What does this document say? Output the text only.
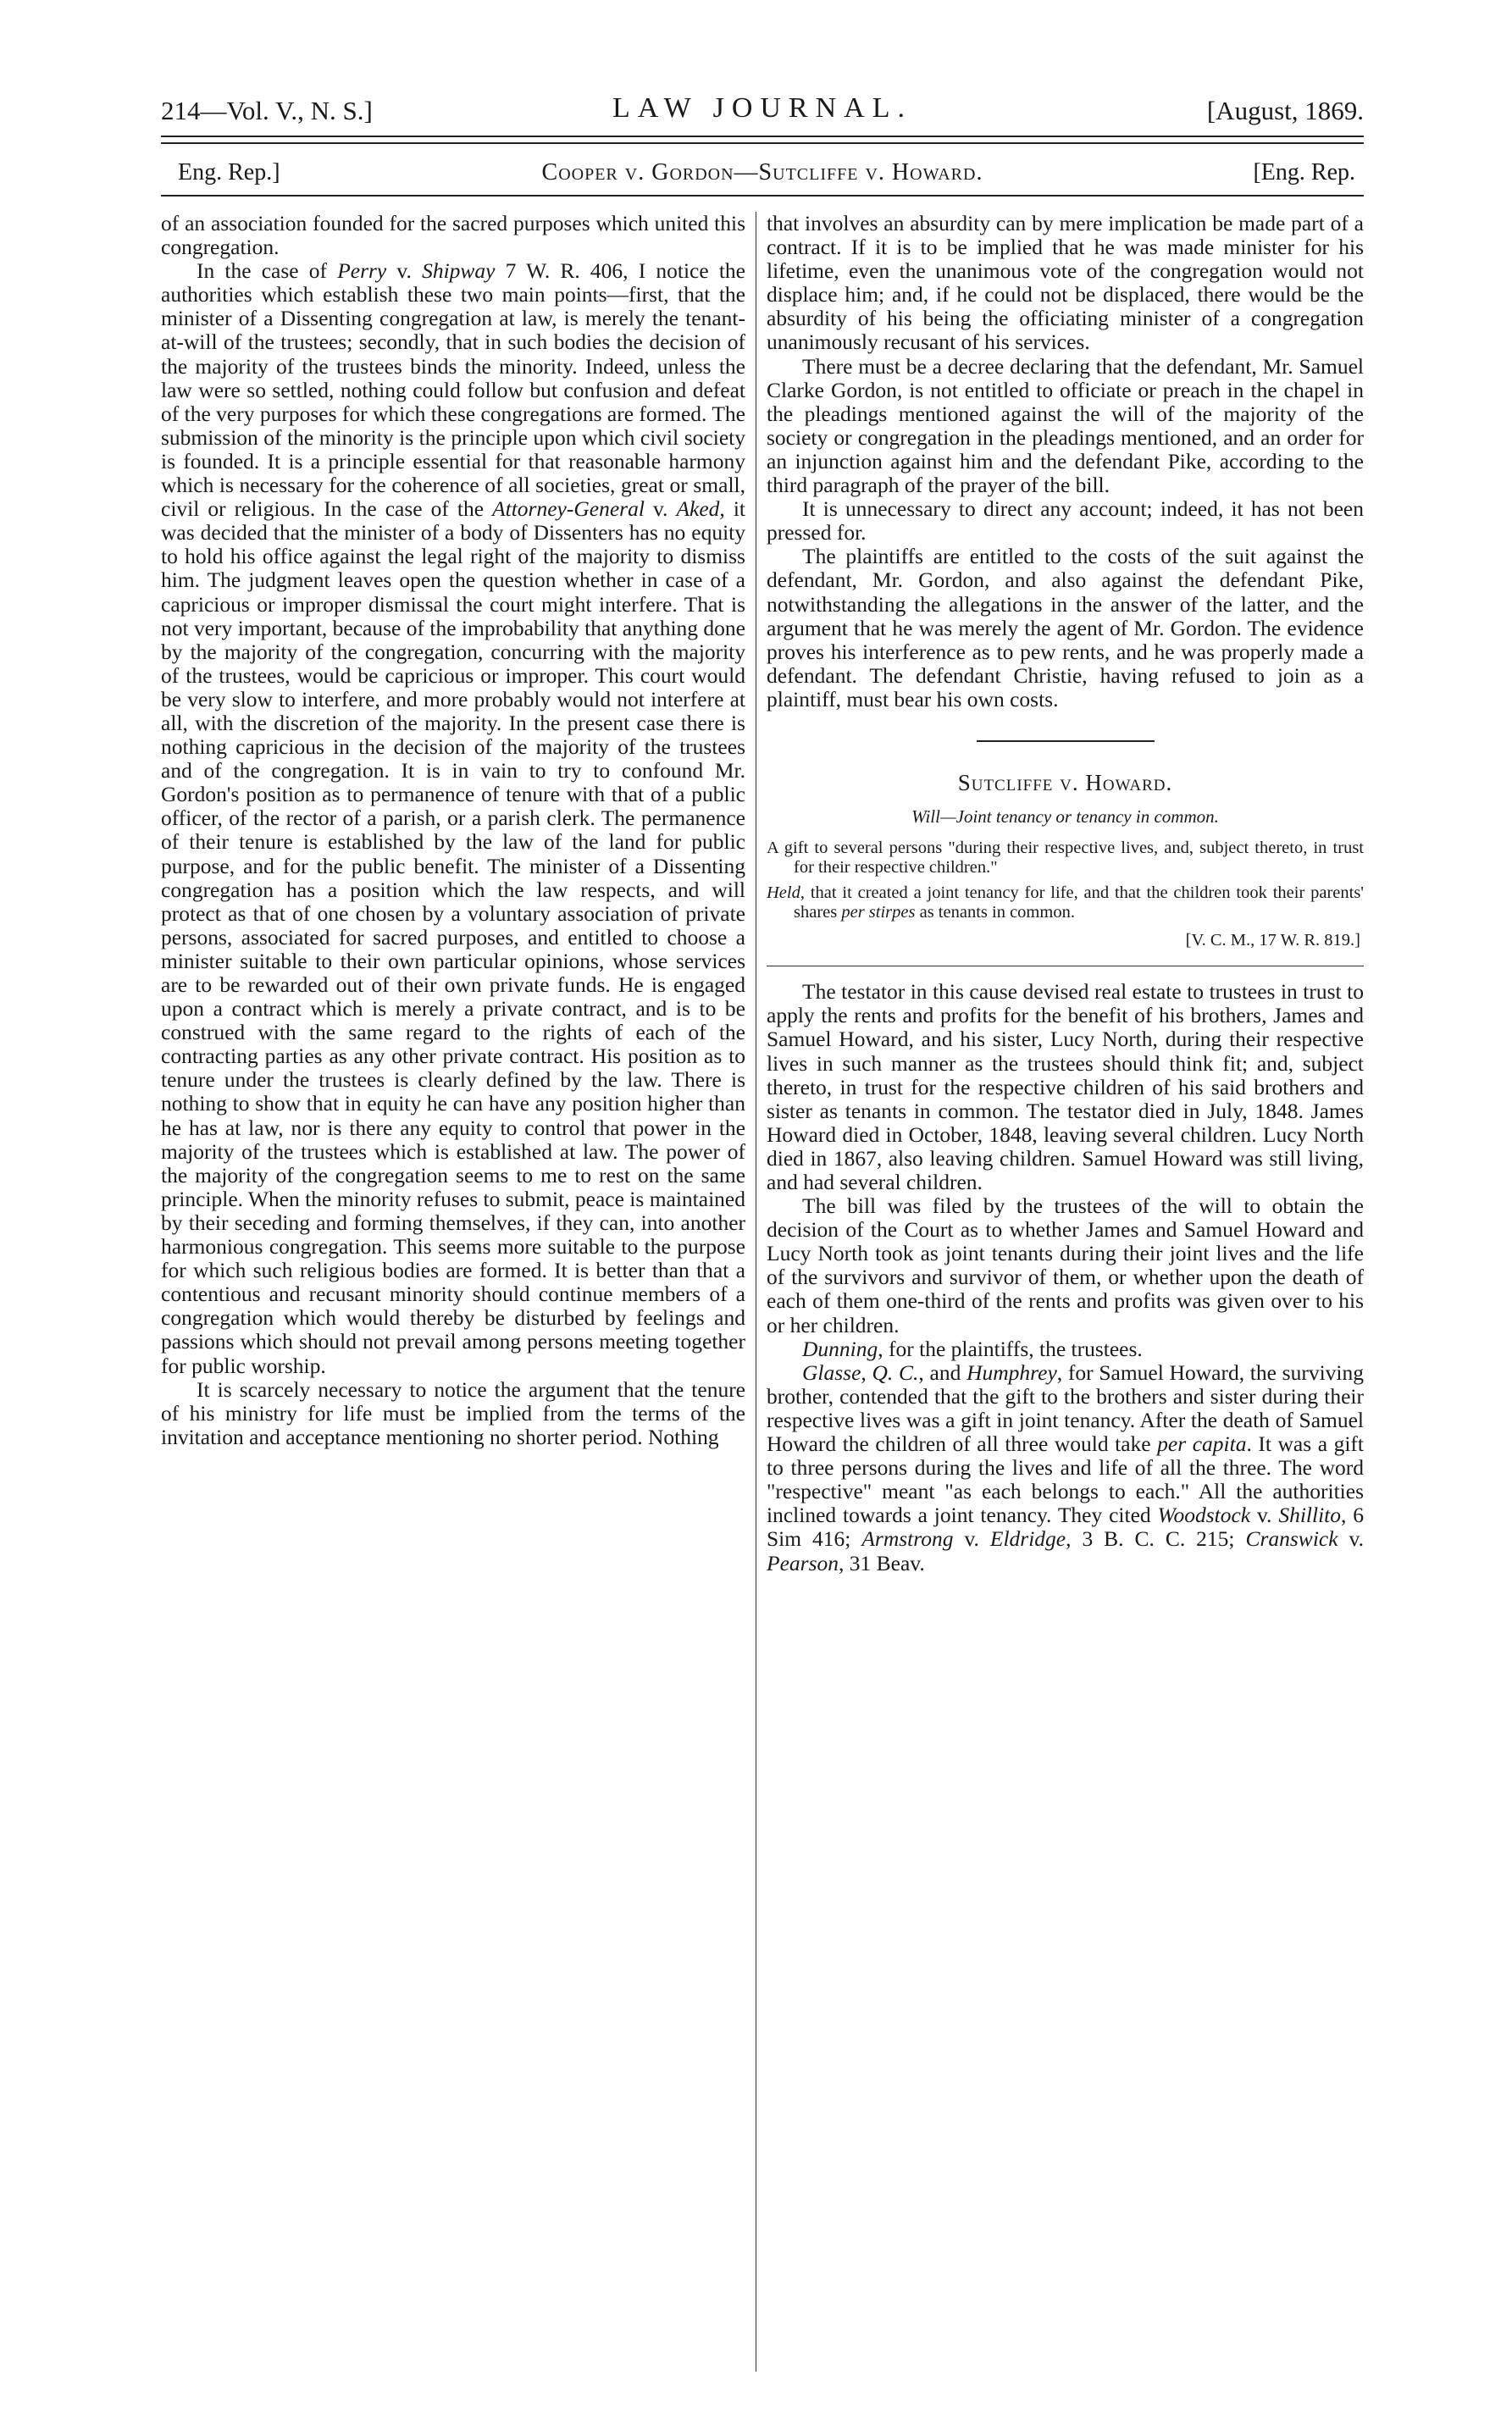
214—Vol. V., N. S.]	LAW JOURNAL.	[August, 1869.
Eng. Rep.]	Cooper v. Gordon—Sutcliffe v. Howard.	[Eng. Rep.

of an association founded for the sacred purposes which united this congregation.

In the case of Perry v. Shipway 7 W. R. 406, I notice the authorities which establish these two main points—first, that the minister of a Dissenting congregation at law, is merely the tenant-at-will of the trustees; secondly, that in such bodies the decision of the majority of the trustees binds the minority. Indeed, unless the law were so settled, nothing could follow but confusion and defeat of the very purposes for which these congregations are formed. The submission of the minority is the principle upon which civil society is founded. It is a principle essential for that reasonable harmony which is necessary for the coherence of all societies, great or small, civil or religious. In the case of the Attorney-General v. Aked, it was decided that the minister of a body of Dissenters has no equity to hold his office against the legal right of the majority to dismiss him. The judgment leaves open the question whether in case of a capricious or improper dismissal the court might interfere. That is not very important, because of the improbability that anything done by the majority of the congregation, concurring with the majority of the trustees, would be capricious or improper. This court would be very slow to interfere, and more probably would not interfere at all, with the discretion of the majority. In the present case there is nothing capricious in the decision of the majority of the trustees and of the congregation. It is in vain to try to confound Mr. Gordon's position as to permanence of tenure with that of a public officer, of the rector of a parish, or a parish clerk. The permanence of their tenure is established by the law of the land for public purpose, and for the public benefit. The minister of a Dissenting congregation has a position which the law respects, and will protect as that of one chosen by a voluntary association of private persons, associated for sacred purposes, and entitled to choose a minister suitable to their own particular opinions, whose services are to be rewarded out of their own private funds. He is engaged upon a contract which is merely a private contract, and is to be construed with the same regard to the rights of each of the contracting parties as any other private contract. His position as to tenure under the trustees is clearly defined by the law. There is nothing to show that in equity he can have any position higher than he has at law, nor is there any equity to control that power in the majority of the trustees which is established at law. The power of the majority of the congregation seems to me to rest on the same principle. When the minority refuses to submit, peace is maintained by their seceding and forming themselves, if they can, into another harmonious congregation. This seems more suitable to the purpose for which such religious bodies are formed. It is better than that a contentious and recusant minority should continue members of a congregation which would thereby be disturbed by feelings and passions which should not prevail among persons meeting together for public worship.

It is scarcely necessary to notice the argument that the tenure of his ministry for life must be implied from the terms of the invitation and acceptance mentioning no shorter period. Nothing

that involves an absurdity can by mere implication be made part of a contract. If it is to be implied that he was made minister for his lifetime, even the unanimous vote of the congregation would not displace him; and, if he could not be displaced, there would be the absurdity of his being the officiating minister of a congregation unanimously recusant of his services.

There must be a decree declaring that the defendant, Mr. Samuel Clarke Gordon, is not entitled to officiate or preach in the chapel in the pleadings mentioned against the will of the majority of the society or congregation in the pleadings mentioned, and an order for an injunction against him and the defendant Pike, according to the third paragraph of the prayer of the bill.

It is unnecessary to direct any account; indeed, it has not been pressed for.

The plaintiffs are entitled to the costs of the suit against the defendant, Mr. Gordon, and also against the defendant Pike, notwithstanding the allegations in the answer of the latter, and the argument that he was merely the agent of Mr. Gordon. The evidence proves his interference as to pew rents, and he was properly made a defendant. The defendant Christie, having refused to join as a plaintiff, must bear his own costs.

Sutcliffe v. Howard.
Will—Joint tenancy or tenancy in common.
A gift to several persons "during their respective lives, and, subject thereto, in trust for their respective children."
Held, that it created a joint tenancy for life, and that the children took their parents' shares per stirpes as tenants in common.
[V. C. M., 17 W. R. 819.]

The testator in this cause devised real estate to trustees in trust to apply the rents and profits for the benefit of his brothers, James and Samuel Howard, and his sister, Lucy North, during their respective lives in such manner as the trustees should think fit; and, subject thereto, in trust for the respective children of his said brothers and sister as tenants in common. The testator died in July, 1848. James Howard died in October, 1848, leaving several children. Lucy North died in 1867, also leaving children. Samuel Howard was still living, and had several children.

The bill was filed by the trustees of the will to obtain the decision of the Court as to whether James and Samuel Howard and Lucy North took as joint tenants during their joint lives and the life of the survivors and survivor of them, or whether upon the death of each of them one-third of the rents and profits was given over to his or her children.

Dunning, for the plaintiffs, the trustees.

Glasse, Q. C., and Humphrey, for Samuel Howard, the surviving brother, contended that the gift to the brothers and sister during their respective lives was a gift in joint tenancy. After the death of Samuel Howard the children of all three would take per capita. It was a gift to three persons during the lives and life of all the three. The word "respective" meant "as each belongs to each." All the authorities inclined towards a joint tenancy. They cited Woodstock v. Shillito, 6 Sim 416; Armstrong v. Eldridge, 3 B. C. C. 215; Cranswick v. Pearson, 31 Beav.
